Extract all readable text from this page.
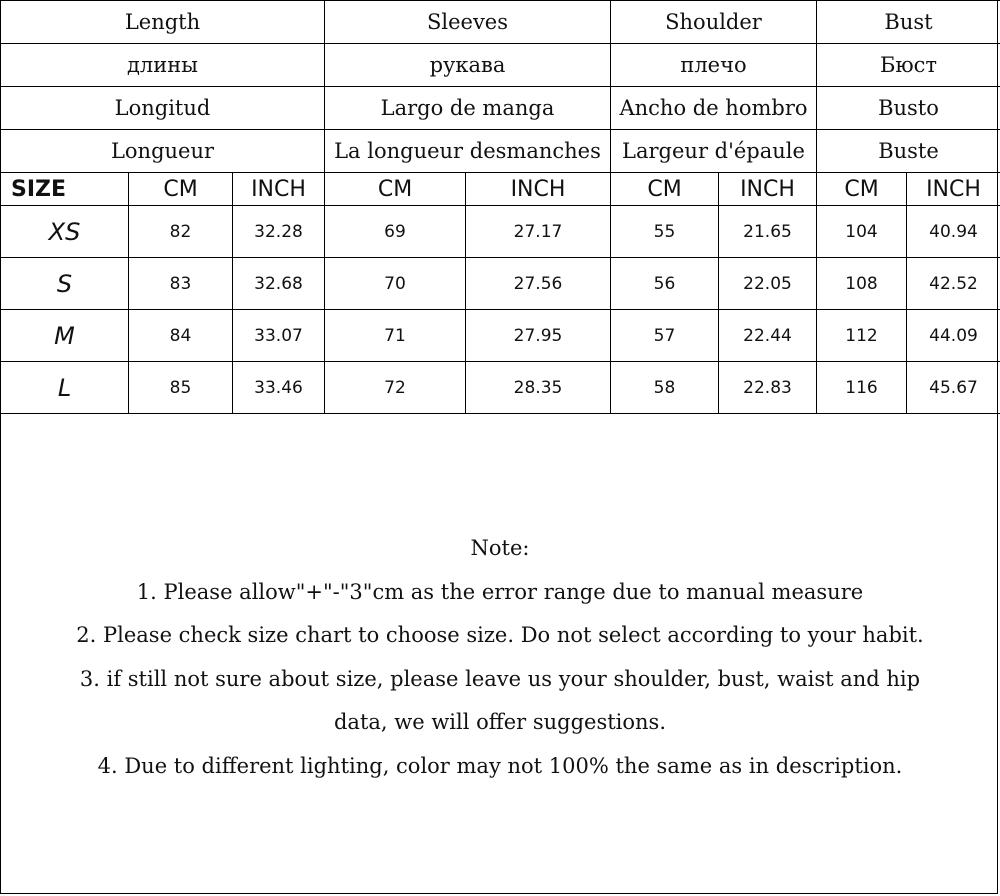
Length			Sleeves		Shoulder		Bust	
длины			рукава		плечо		Бюст	
Longitud			Largo de manga		Ancho de hombro		Busto	
Longueur			La longueur desmanches		Largeur d'épaule		Buste	
SIZE	CM	INCH	CM	INCH	CM	INCH	CM	INCH
XS	82	32.28	69	27.17	55	21.65	104	40.94
S	83	32.68	70	27.56	56	22.05	108	42.52
M	84	33.07	71	27.95	57	22.44	112	44.09
L	85	33.46	72	28.35	58	22.83	116	45.67
Note:
1. Please allow"+"-"3"cm as the error range due to manual measure
2. Please check size chart to choose size. Do not select according to your habit.
3. if still not sure about size, please leave us your shoulder, bust, waist and hip
data, we will offer suggestions.
4. Due to different lighting, color may not 100% the same as in description.
